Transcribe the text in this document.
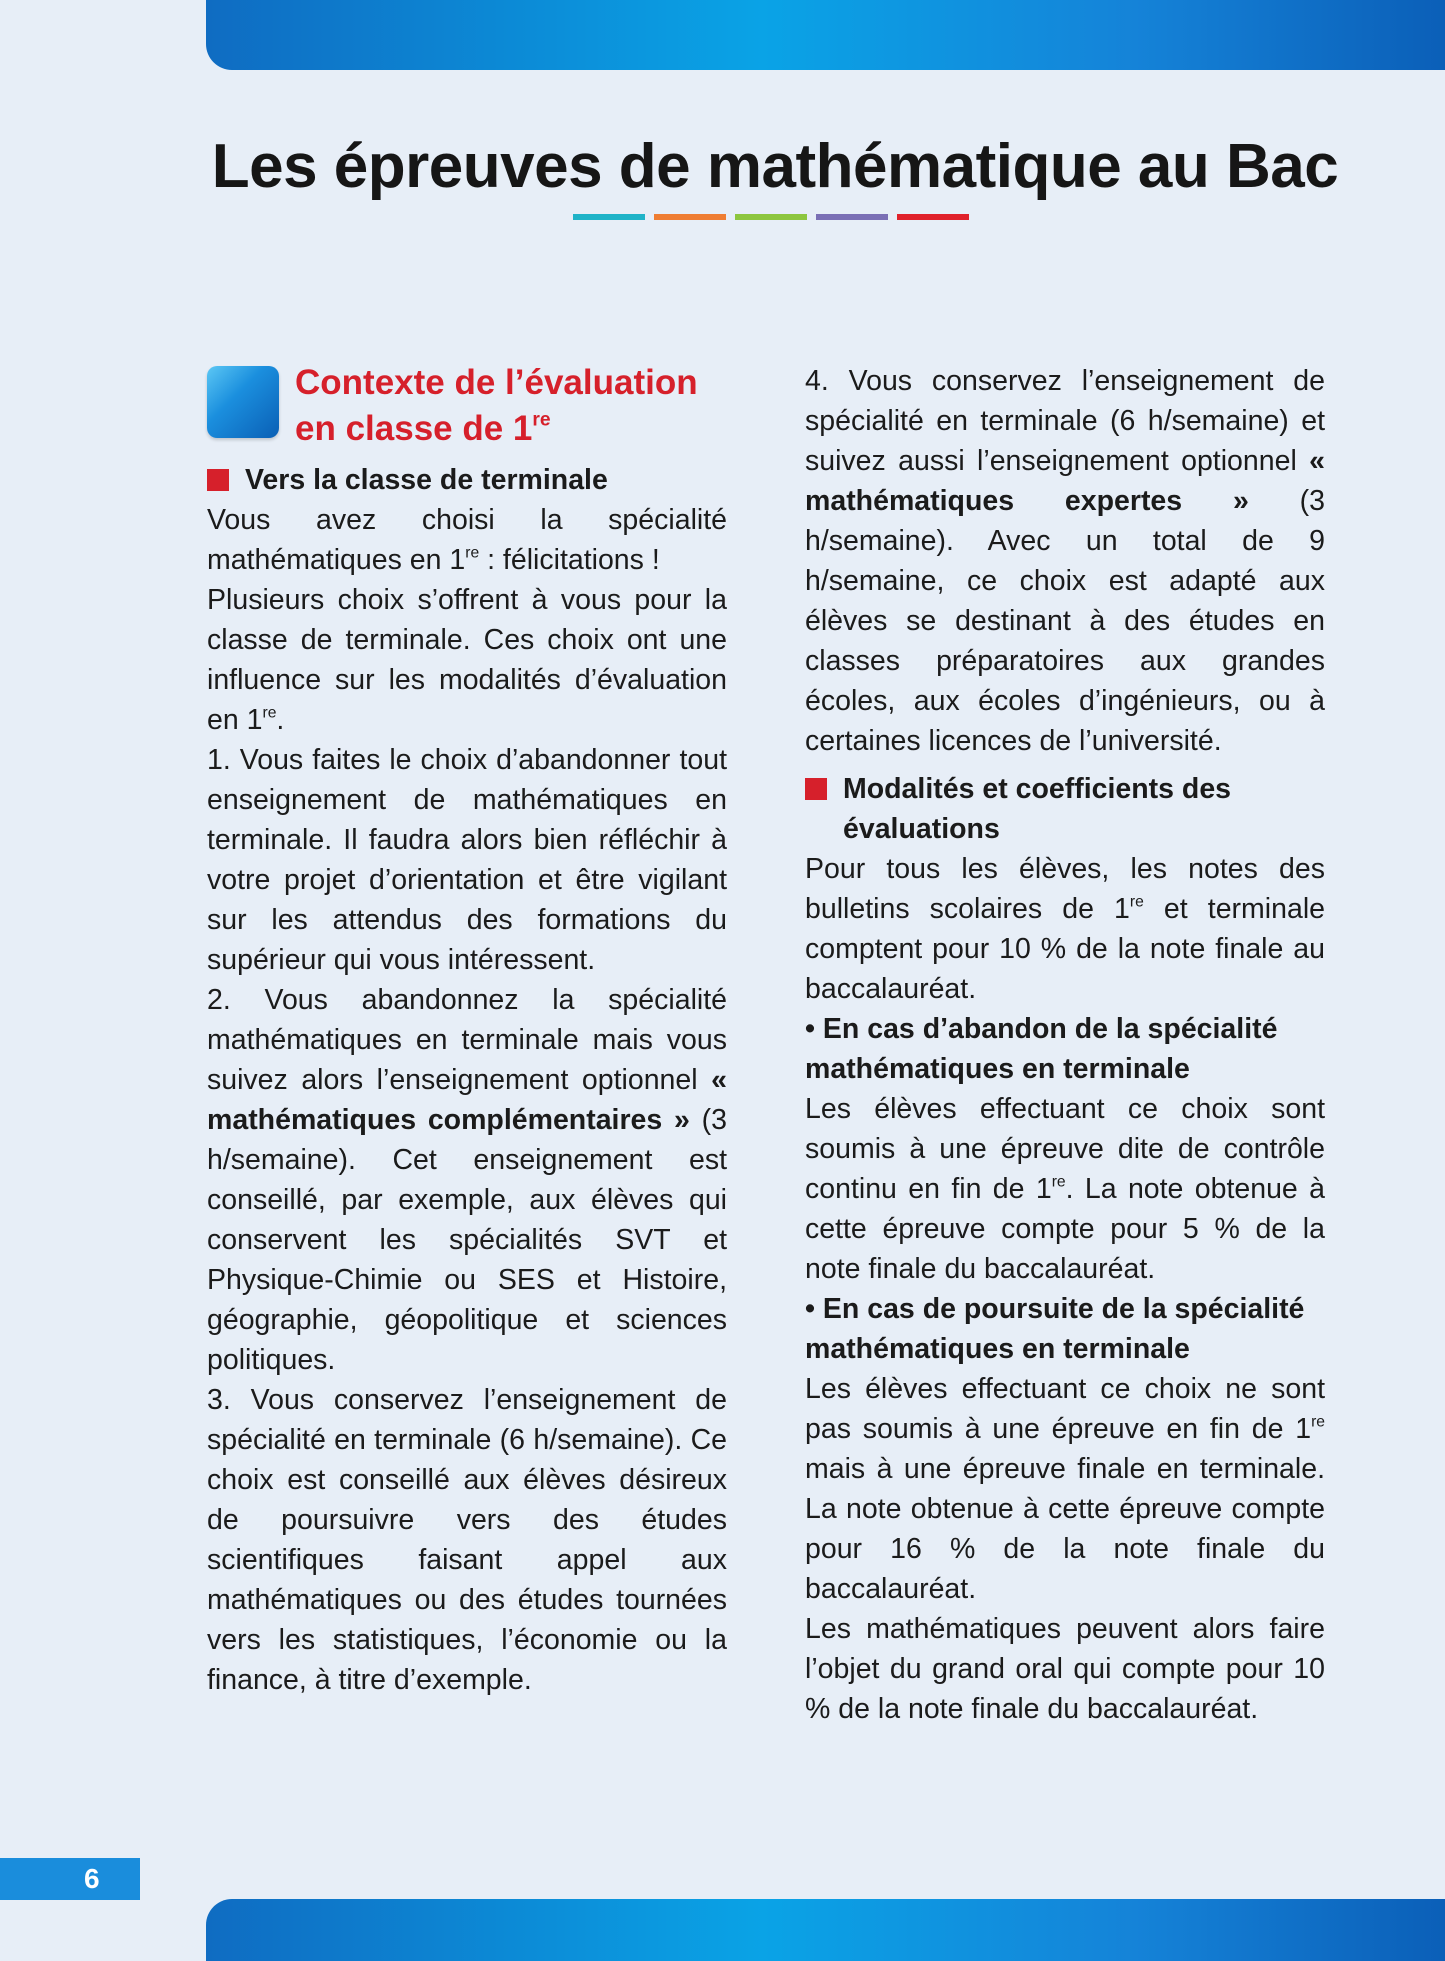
Les épreuves de mathématique au Bac
Contexte de l’évaluation
en classe de 1re
Vers la classe de terminale

Vous avez choisi la spécialité mathématiques en 1re : félicitations !

Plusieurs choix s’offrent à vous pour la classe de terminale. Ces choix ont une influence sur les modalités d’évaluation en 1re.

1. Vous faites le choix d’abandonner tout enseignement de mathématiques en terminale. Il faudra alors bien réfléchir à votre projet d’orientation et être vigilant sur les attendus des formations du supérieur qui vous intéressent.

2. Vous abandonnez la spécialité mathématiques en terminale mais vous suivez alors l’enseignement optionnel « mathématiques complémentaires » (3 h/semaine). Cet enseignement est conseillé, par exemple, aux élèves qui conservent les spécialités SVT et Physique-Chimie ou SES et Histoire, géographie, géopolitique et sciences politiques.

3. Vous conservez l’enseignement de spécialité en terminale (6 h/semaine). Ce choix est conseillé aux élèves désireux de poursuivre vers des études scientifiques faisant appel aux mathématiques ou des études tournées vers les statistiques, l’économie ou la finance, à titre d’exemple.

4. Vous conservez l’enseignement de spécialité en terminale (6 h/semaine) et suivez aussi l’enseignement optionnel « mathématiques expertes » (3 h/semaine). Avec un total de 9 h/semaine, ce choix est adapté aux élèves se destinant à des études en classes préparatoires aux grandes écoles, aux écoles d’ingénieurs, ou à certaines licences de l’université.

Modalités et coefficients des évaluations

Pour tous les élèves, les notes des bulletins scolaires de 1re et terminale comptent pour 10 % de la note finale au baccalauréat.

• En cas d’abandon de la spécialité mathématiques en terminale

Les élèves effectuant ce choix sont soumis à une épreuve dite de contrôle continu en fin de 1re. La note obtenue à cette épreuve compte pour 5 % de la note finale du baccalauréat.

• En cas de poursuite de la spécialité mathématiques en terminale

Les élèves effectuant ce choix ne sont pas soumis à une épreuve en fin de 1re mais à une épreuve finale en terminale. La note obtenue à cette épreuve compte pour 16 % de la note finale du baccalauréat.

Les mathématiques peuvent alors faire l’objet du grand oral qui compte pour 10 % de la note finale du baccalauréat.

6
